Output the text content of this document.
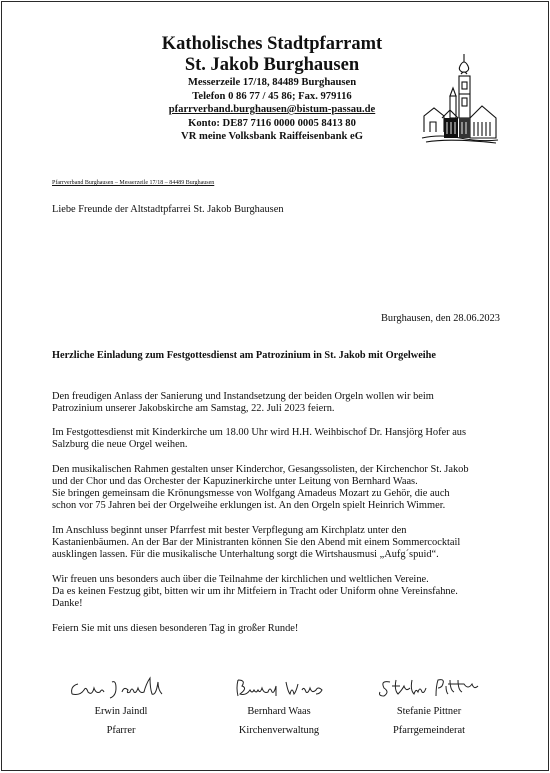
Katholisches Stadtpfarramt
St. Jakob Burghausen
Messerzeile 17/18, 84489 Burghausen
Telefon 0 86 77 / 45 86; Fax. 979116
pfarrverband.burghausen@bistum-passau.de
Konto: DE87 7116 0000 0005 8413 80
VR meine Volksbank Raiffeisenbank eG
Pfarrverband Burghausen – Messerzeile 17/18 – 84489 Burghausen
Liebe Freunde der Altstadtpfarrei St. Jakob Burghausen
Burghausen, den 28.06.2023
Herzliche Einladung zum Festgottesdienst am Patrozinium in St. Jakob mit Orgelweihe
Den freudigen Anlass der Sanierung und Instandsetzung der beiden Orgeln wollen wir beim
Patrozinium unserer Jakobskirche am Samstag, 22. Juli 2023 feiern.
Im Festgottesdienst mit Kinderkirche um 18.00 Uhr wird H.H. Weihbischof Dr. Hansjörg Hofer aus
Salzburg die neue Orgel weihen.
Den musikalischen Rahmen gestalten unser Kinderchor, Gesangssolisten, der Kirchenchor St. Jakob
und der Chor und das Orchester der Kapuzinerkirche unter Leitung von Bernhard Waas.
Sie bringen gemeinsam die Krönungsmesse von Wolfgang Amadeus Mozart zu Gehör, die auch
schon vor 75 Jahren bei der Orgelweihe erklungen ist. An den Orgeln spielt Heinrich Wimmer.
Im Anschluss beginnt unser Pfarrfest mit bester Verpflegung am Kirchplatz unter den
Kastanienbäumen. An der Bar der Ministranten können Sie den Abend mit einem Sommercocktail
ausklingen lassen. Für die musikalische Unterhaltung sorgt die Wirtshausmusi „Aufg´spuid“.
Wir freuen uns besonders auch über die Teilnahme der kirchlichen und weltlichen Vereine.
Da es keinen Festzug gibt, bitten wir um ihr Mitfeiern in Tracht oder Uniform ohne Vereinsfahne.
Danke!
Feiern Sie mit uns diesen besonderen Tag in großer Runde!
Erwin Jaindl
Pfarrer
Bernhard Waas
Kirchenverwaltung
Stefanie Pittner
Pfarrgemeinderat
